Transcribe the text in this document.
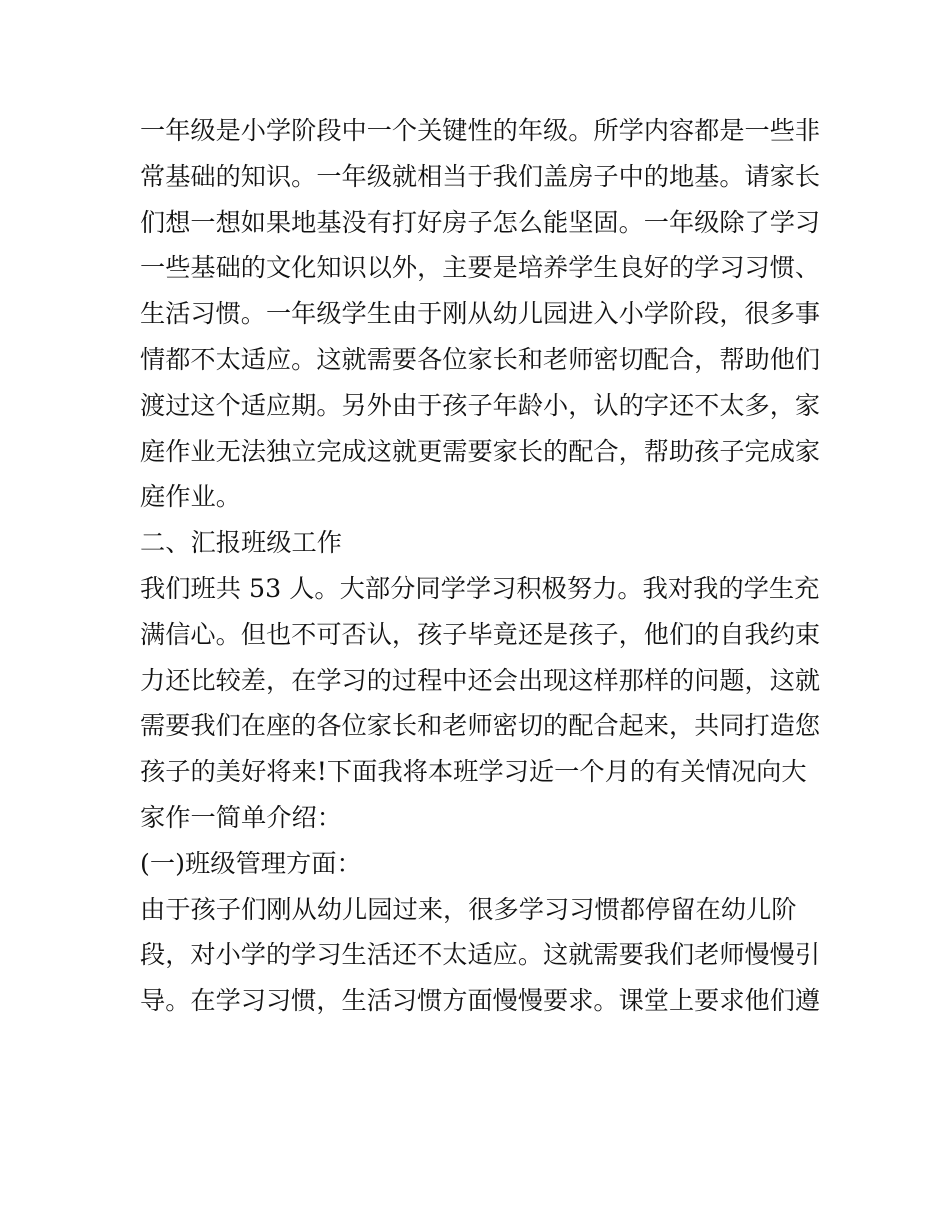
一年级是小学阶段中一个关键性的年级。所学内容都是一些非
常基础的知识。一年级就相当于我们盖房子中的地基。请家长
们想一想如果地基没有打好房子怎么能坚固。一年级除了学习
一些基础的文化知识以外，主要是培养学生良好的学习习惯、
生活习惯。一年级学生由于刚从幼儿园进入小学阶段，很多事
情都不太适应。这就需要各位家长和老师密切配合，帮助他们
渡过这个适应期。另外由于孩子年龄小，认的字还不太多，家
庭作业无法独立完成这就更需要家长的配合，帮助孩子完成家
庭作业。
二、汇报班级工作
我们班共 53 人。大部分同学学习积极努力。我对我的学生充
满信心。但也不可否认，孩子毕竟还是孩子，他们的自我约束
力还比较差，在学习的过程中还会出现这样那样的问题，这就
需要我们在座的各位家长和老师密切的配合起来，共同打造您
孩子的美好将来!下面我将本班学习近一个月的有关情况向大
家作一简单介绍：
(一)班级管理方面：
由于孩子们刚从幼儿园过来，很多学习习惯都停留在幼儿阶
段，对小学的学习生活还不太适应。这就需要我们老师慢慢引
导。在学习习惯，生活习惯方面慢慢要求。课堂上要求他们遵
